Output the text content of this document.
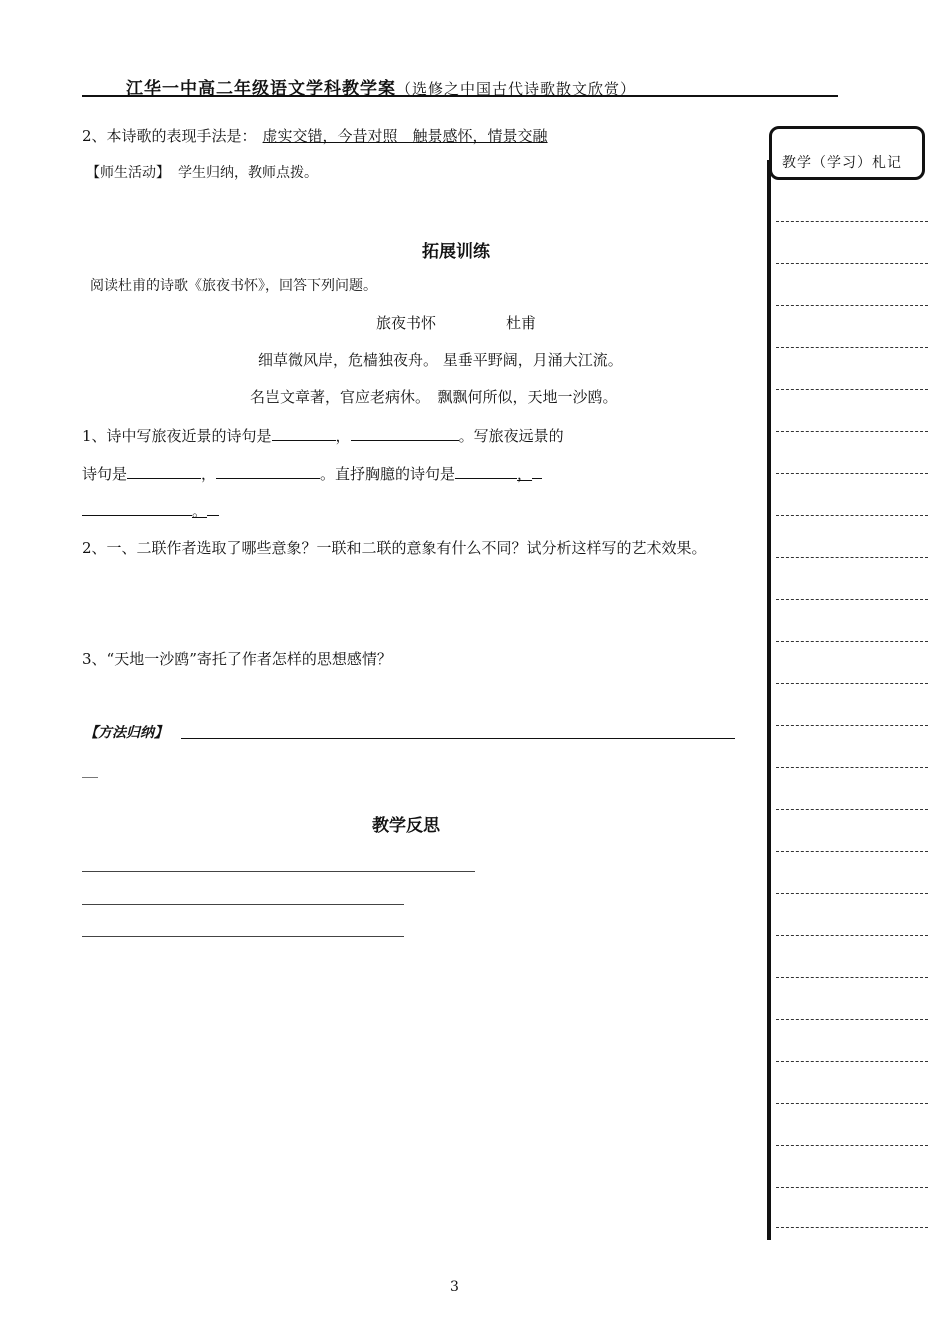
江华一中高二年级语文学科教学案（选修之中国古代诗歌散文欣赏）
教学（学习）札记
2、本诗歌的表现手法是： 虚实交错，今昔对照　触景感怀，情景交融
【师生活动】 学生归纳，教师点拨。
拓展训练
阅读杜甫的诗歌《旅夜书怀》，回答下列问题。
旅夜书怀	杜甫
细草微风岸，危樯独夜舟。 星垂平野阔，月涌大江流。
名岂文章著，官应老病休。　飘飘何所似，天地一沙鸥。
1、诗中写旅夜近景的诗句是	，	。写旅夜远景的
诗句是	，	。直抒胸臆的诗句是	，
。
2、一、二联作者选取了哪些意象？一联和二联的意象有什么不同？试分析这样写的艺术效果。
3、“天地一沙鸥”寄托了作者怎样的思想感情？
【方法归纳】
教学反思
3
